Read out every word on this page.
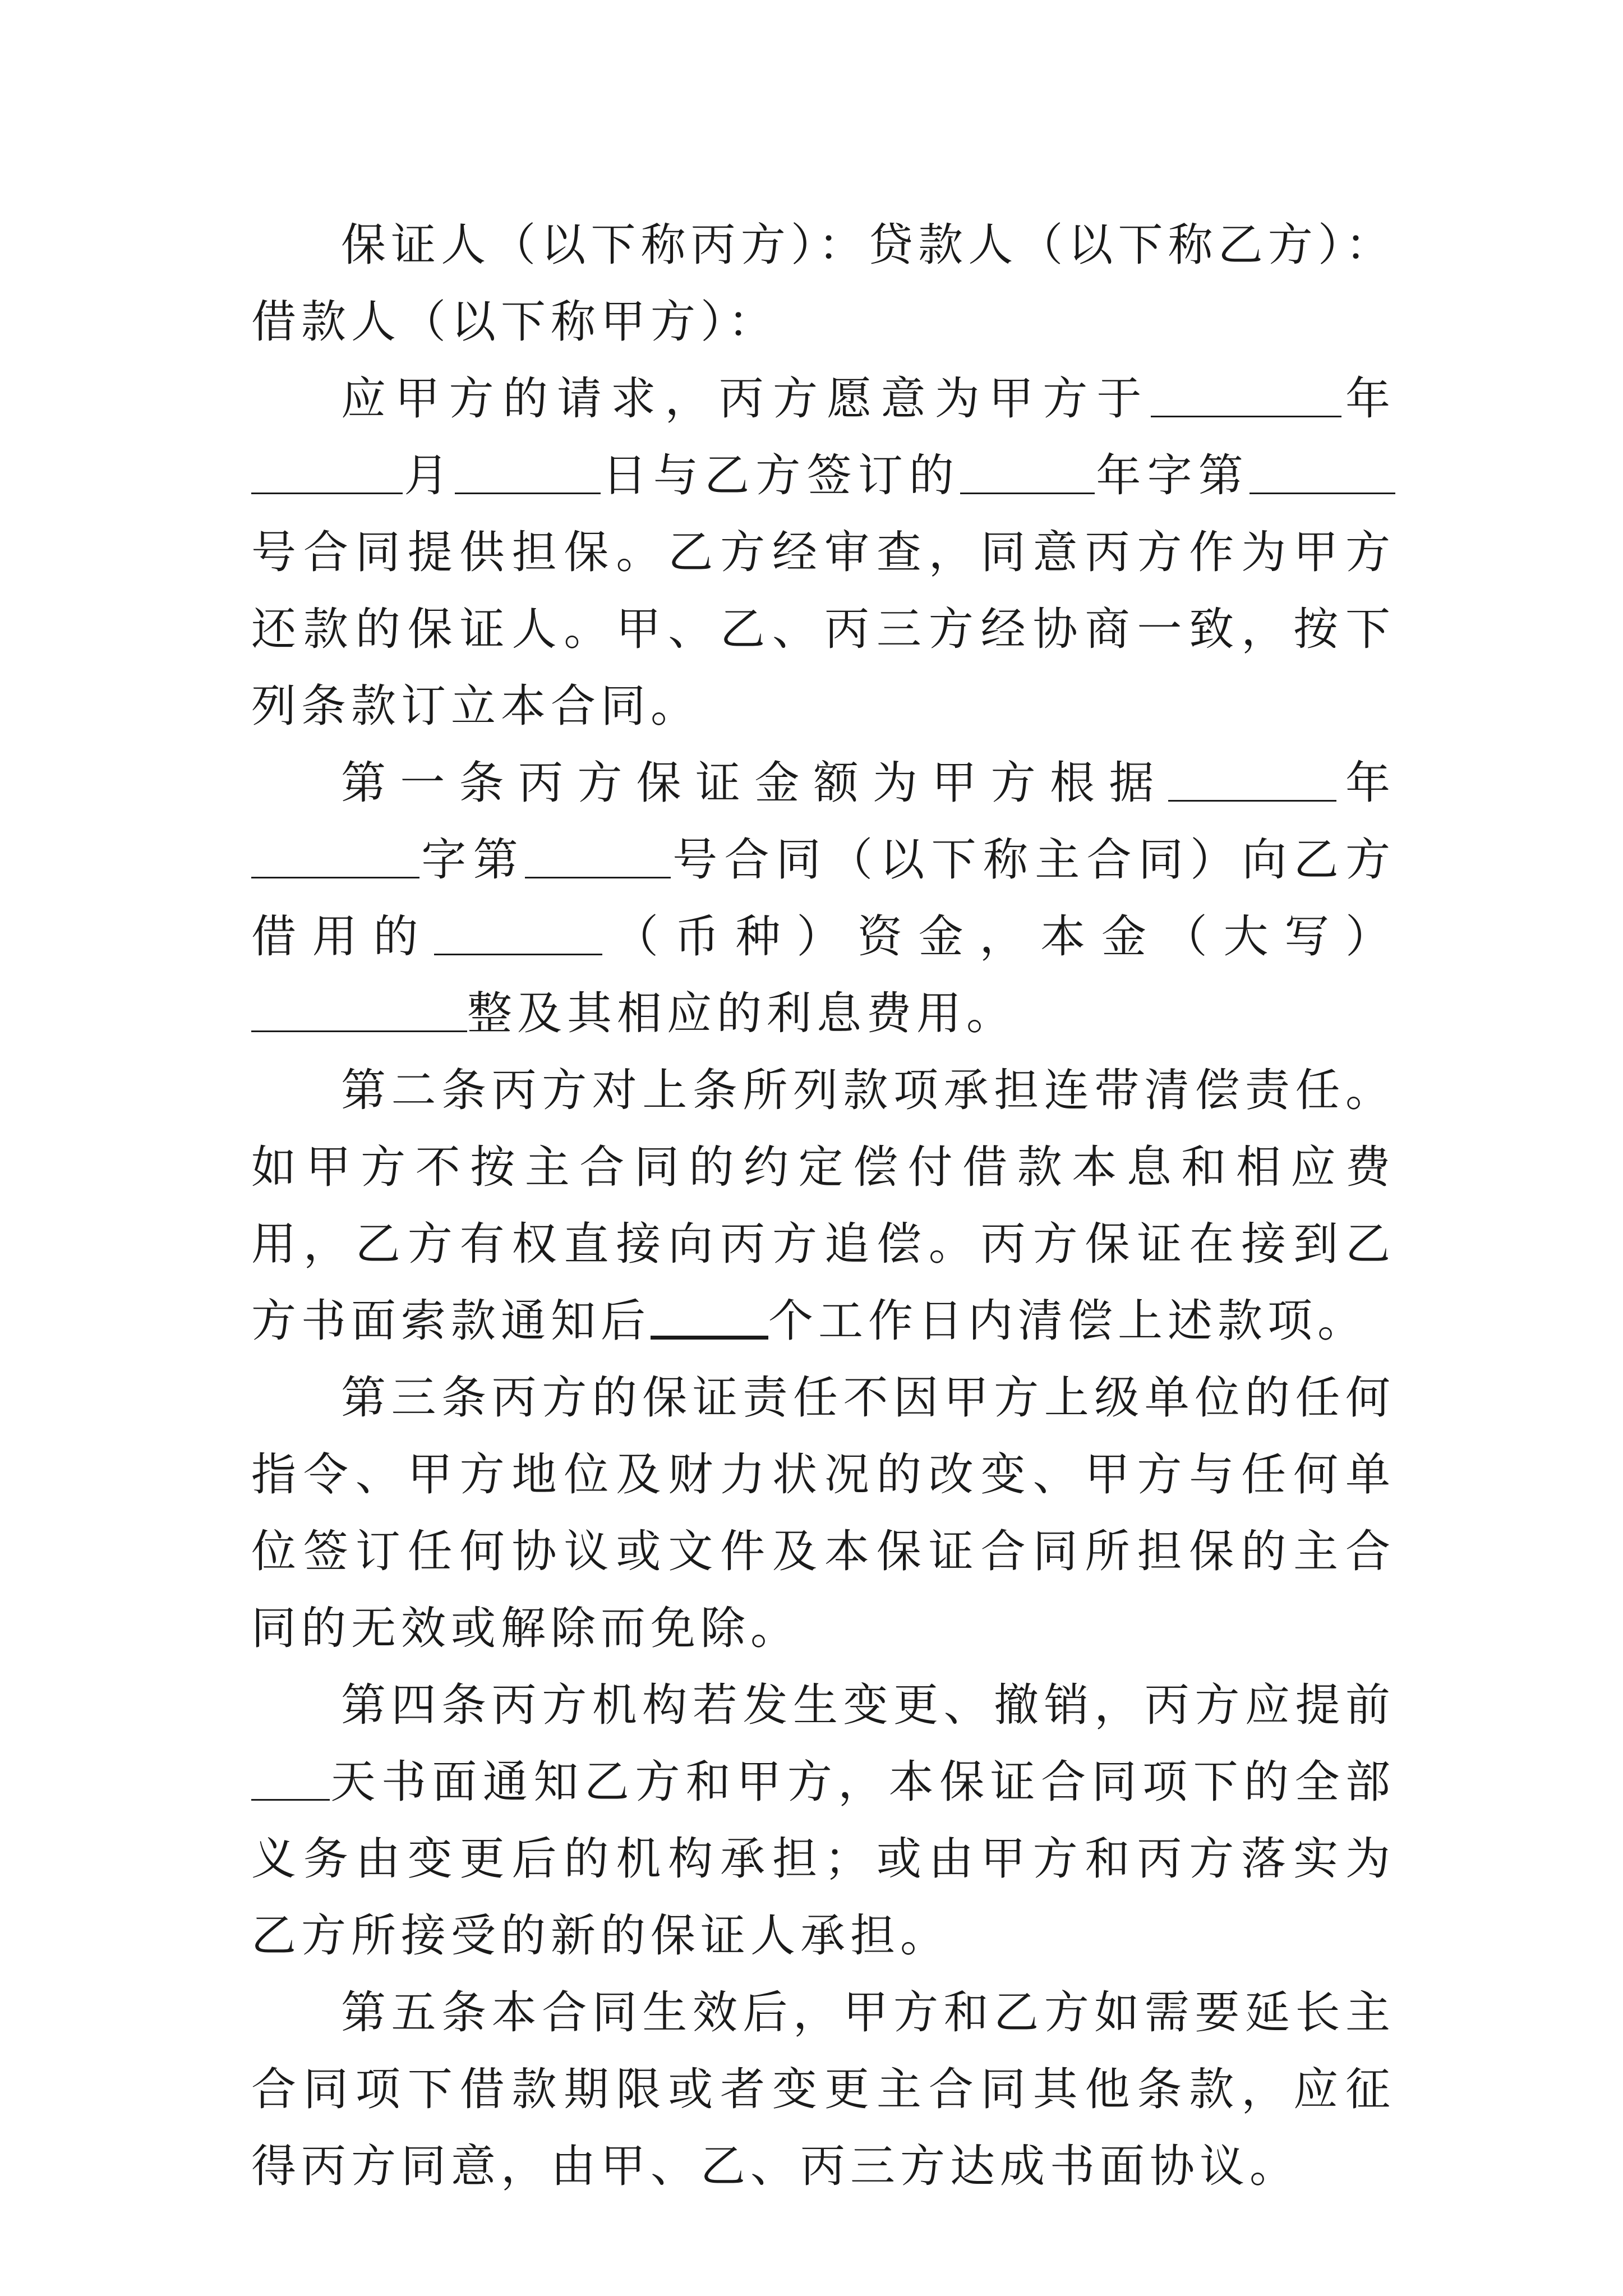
保证人（以下称丙方）：贷款人（以下称乙方）：借款人（以下称甲方）：

应甲方的请求，丙方愿意为甲方于	年月	日与乙方签订的	年字第号合同提供担保。乙方经审查，同意丙方作为甲方还款的保证人。甲、乙、丙三方经协商一致，按下列条款订立本合同。

第一条丙方保证金额为甲方根据	年字第	号合同（以下称主合同）向乙方借用的	（币种）资金，本金（大写）整及其相应的利息费用。

第二条丙方对上条所列款项承担连带清偿责任。如甲方不按主合同的约定偿付借款本息和相应费用，乙方有权直接向丙方追偿。丙方保证在接到乙方书面索款通知后	个工作日内清偿上述款项。

第三条丙方的保证责任不因甲方上级单位的任何指令、甲方地位及财力状况的改变、甲方与任何单位签订任何协议或文件及本保证合同所担保的主合同的无效或解除而免除。

第四条丙方机构若发生变更、撤销，丙方应提前天书面通知乙方和甲方，本保证合同项下的全部义务由变更后的机构承担；或由甲方和丙方落实为乙方所接受的新的保证人承担。

第五条本合同生效后，甲方和乙方如需要延长主合同项下借款期限或者变更主合同其他条款，应征得丙方同意，由甲、乙、丙三方达成书面协议。
